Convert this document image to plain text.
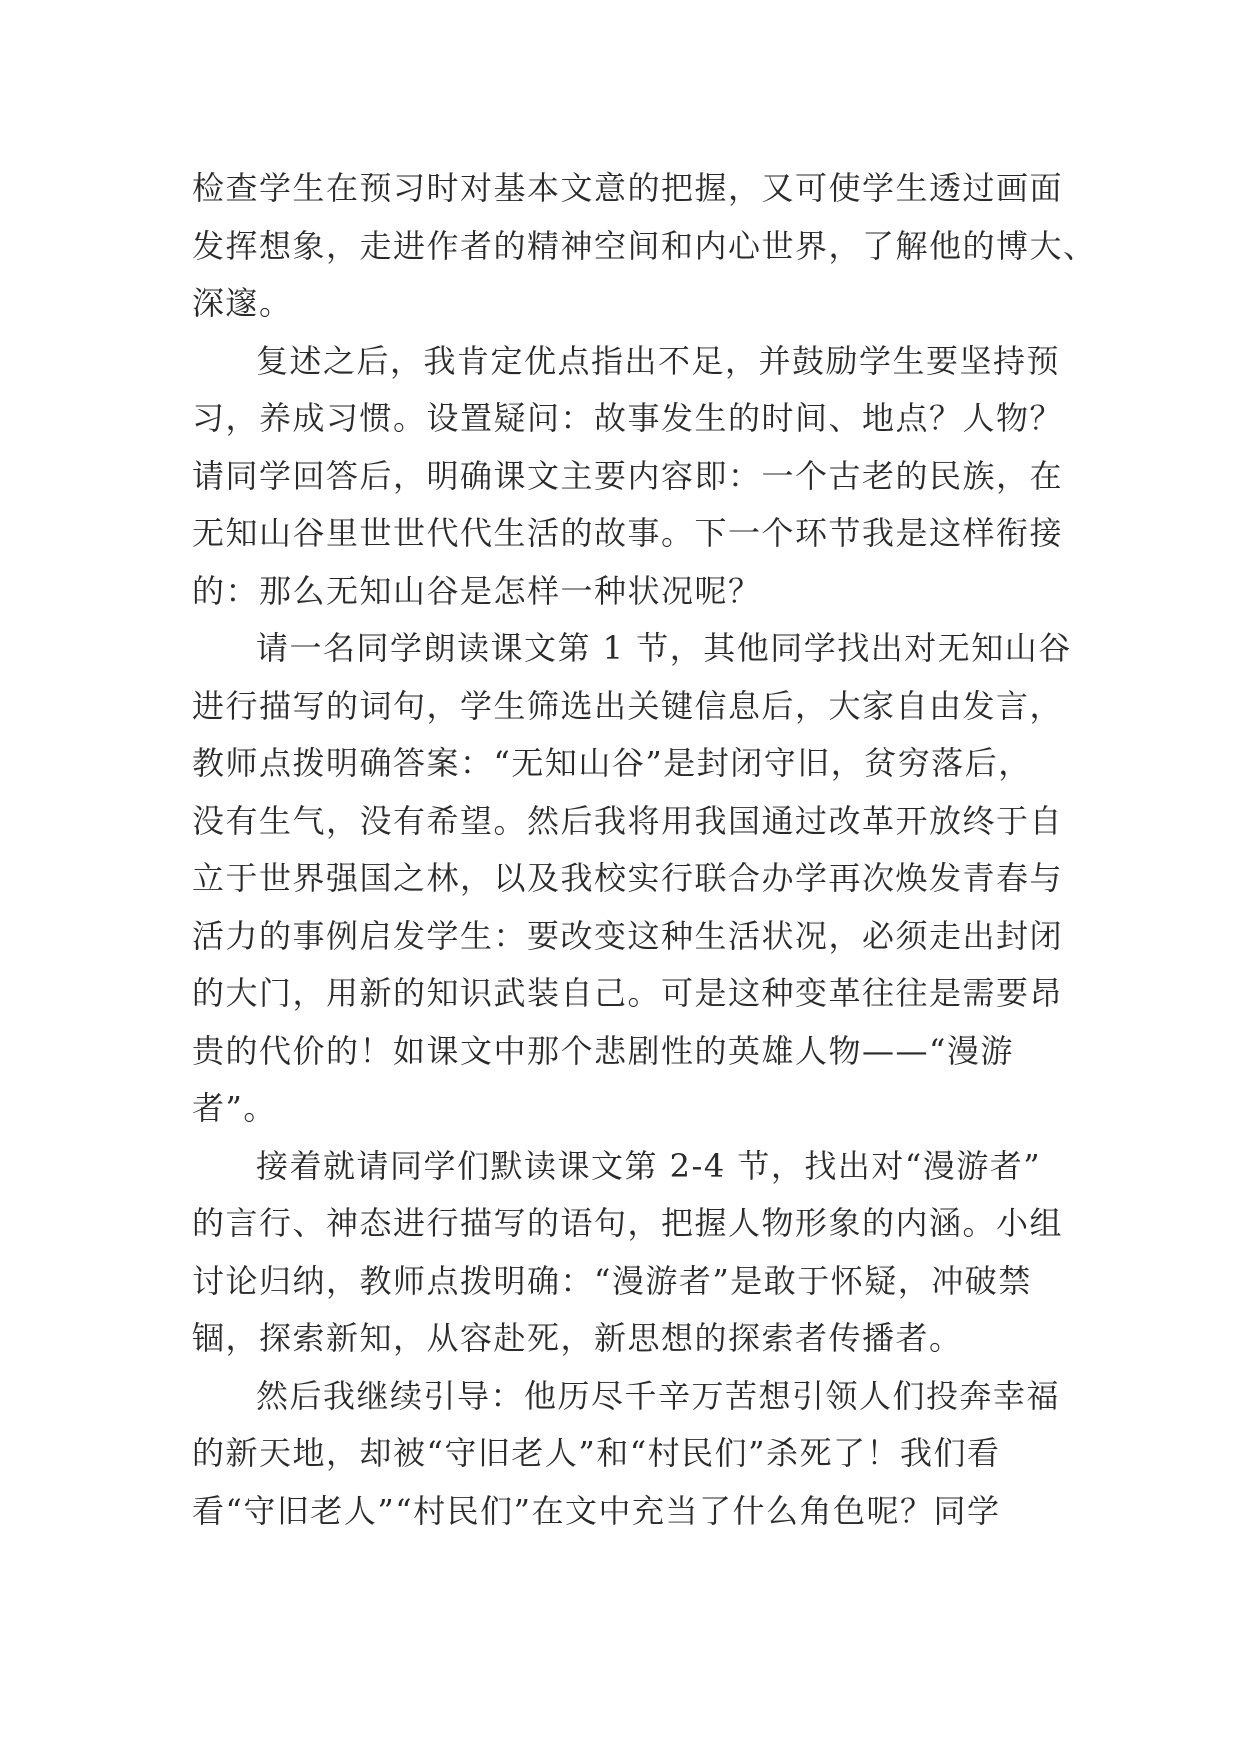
检查学生在预习时对基本文意的把握，又可使学生透过画面
发挥想象，走进作者的精神空间和内心世界，了解他的博大、
深邃。
复述之后，我肯定优点指出不足，并鼓励学生要坚持预
习，养成习惯。设置疑问：故事发生的时间、地点？人物？
请同学回答后，明确课文主要内容即：一个古老的民族，在
无知山谷里世世代代生活的故事。下一个环节我是这样衔接
的：那么无知山谷是怎样一种状况呢？
请一名同学朗读课文第 1 节，其他同学找出对无知山谷
进行描写的词句，学生筛选出关键信息后，大家自由发言，
教师点拨明确答案：“无知山谷”是封闭守旧，贫穷落后，
没有生气，没有希望。然后我将用我国通过改革开放终于自
立于世界强国之林，以及我校实行联合办学再次焕发青春与
活力的事例启发学生：要改变这种生活状况，必须走出封闭
的大门，用新的知识武装自己。可是这种变革往往是需要昂
贵的代价的！如课文中那个悲剧性的英雄人物——“漫游
者”。
接着就请同学们默读课文第 2-4 节，找出对“漫游者”
的言行、神态进行描写的语句，把握人物形象的内涵。小组
讨论归纳，教师点拨明确：“漫游者”是敢于怀疑，冲破禁
锢，探索新知，从容赴死，新思想的探索者传播者。
然后我继续引导：他历尽千辛万苦想引领人们投奔幸福
的新天地，却被“守旧老人”和“村民们”杀死了！我们看
看“守旧老人”“村民们”在文中充当了什么角色呢？同学
